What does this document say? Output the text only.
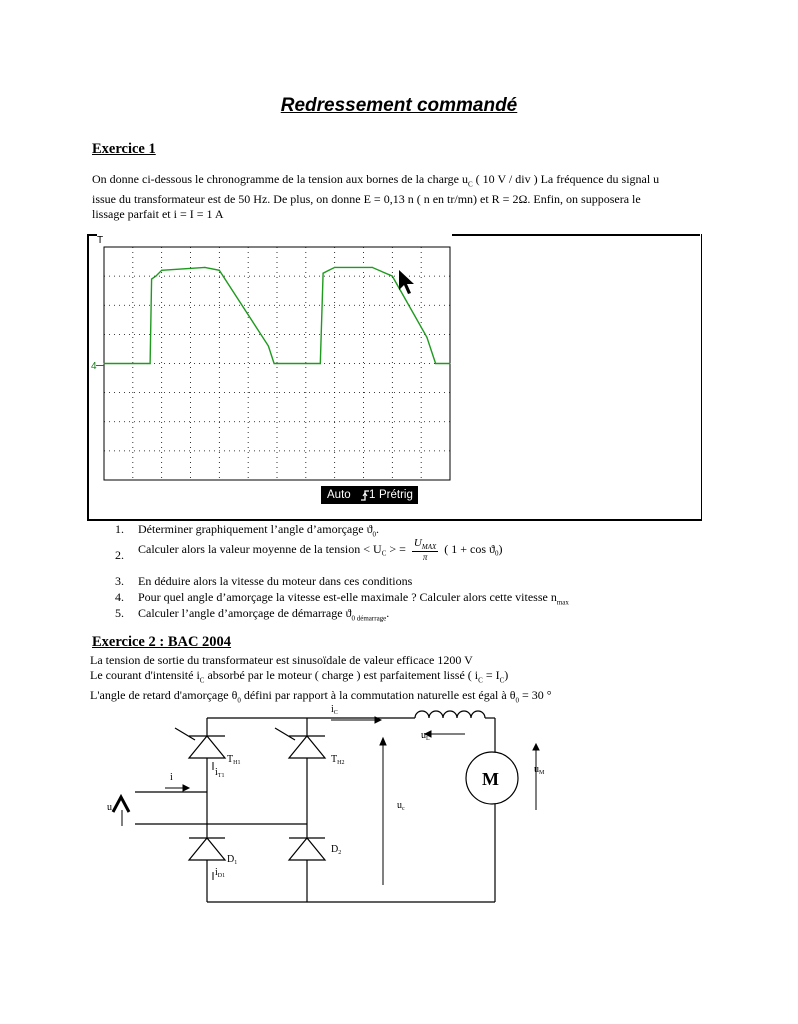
Redressement commandé
Exercice 1
On donne ci-dessous le chronogramme de la tension aux bornes de la charge $u_C$ ( 10 V / div ) La fréquence du signal u
issue du transformateur est de 50 Hz. De plus, on donne E = 0,13 n ( n en tr/mn) et R = 2Ω. Enfin, on supposera le
lissage parfait et i = I = 1 A
T
4
Auto 1 Prétrig
1. Déterminer graphiquement l’angle d’amorçage $ϑ_0$.
2. Calculer alors la valeur moyenne de la tension < $U_C$ > = $\frac{U_{MAX}}{\pi}$ ( $1 + \cos ϑ_0$)
3. En déduire alors la vitesse du moteur dans ces conditions
4. Pour quel angle d’amorçage la vitesse est-elle maximale ? Calculer alors cette vitesse $n_{max}$
5. Calculer l’angle d’amorçage de démarrage $ϑ_{0 démarrage}$.
Exercice 2 : BAC 2004
La tension de sortie du transformateur est sinusoïdale de valeur efficace 1200 V
Le courant d'intensité $i_C$ absorbé par le moteur ( charge ) est parfaitement lissé ( $i_C = I_C$)
L'angle de retard d'amorçage $\theta_0$ défini par rapport à la commutation naturelle est égal à $\theta_0 = 30$ °
M
$i_C$
$T_{H1}$	$T_{H2}$
$i_{T1}$
i
u
$D_1$
$D_2$
$i_{D1}$
$u_c$
$u_L$
$u_M$
